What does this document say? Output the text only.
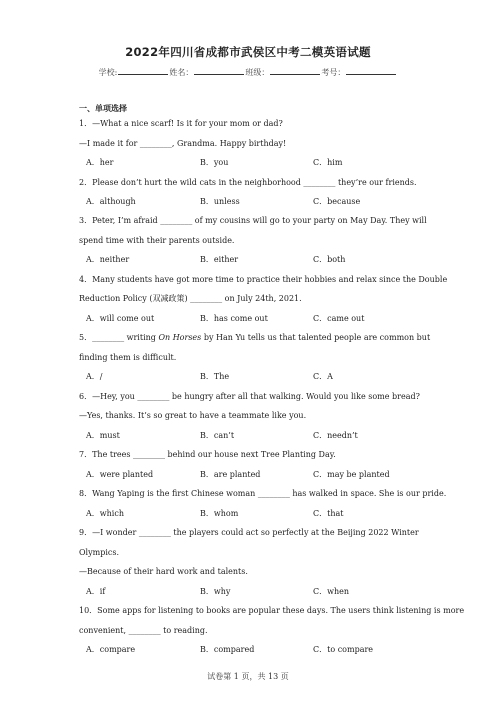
2022年四川省成都市武侯区中考二模英语试题
学校:	姓名：	班级：	考号：
一、单项选择
1．—What a nice scarf! Is it for your mom or dad?
—I made it for ________, Grandma. Happy birthday!
A．her	B．you	C．him
2．Please don’t hurt the wild cats in the neighborhood ________ they’re our friends.
A．although	B．unless	C．because
3．Peter, I’m afraid ________ of my cousins will go to your party on May Day. They will
spend time with their parents outside.
A．neither	B．either	C．both
4．Many students have got more time to practice their hobbies and relax since the Double
Reduction Policy (双减政策) ________ on July 24th, 2021.
A．will come out	B．has come out	C．came out
5．________ writing On Horses by Han Yu tells us that talented people are common but
finding them is difficult.
A．/	B．The	C．A
6．—Hey, you ________ be hungry after all that walking. Would you like some bread?
—Yes, thanks. It’s so great to have a teammate like you.
A．must	B．can’t	C．needn’t
7．The trees ________ behind our house next Tree Planting Day.
A．were planted	B．are planted	C．may be planted
8．Wang Yaping is the first Chinese woman ________ has walked in space. She is our pride.
A．which	B．whom	C．that
9．—I wonder ________ the players could act so perfectly at the Beijing 2022 Winter
Olympics.
—Because of their hard work and talents.
A．if	B．why	C．when
10．Some apps for listening to books are popular these days. The users think listening is more
convenient, ________ to reading.
A．compare	B．compared	C．to compare
试卷第 1 页，共 13 页
